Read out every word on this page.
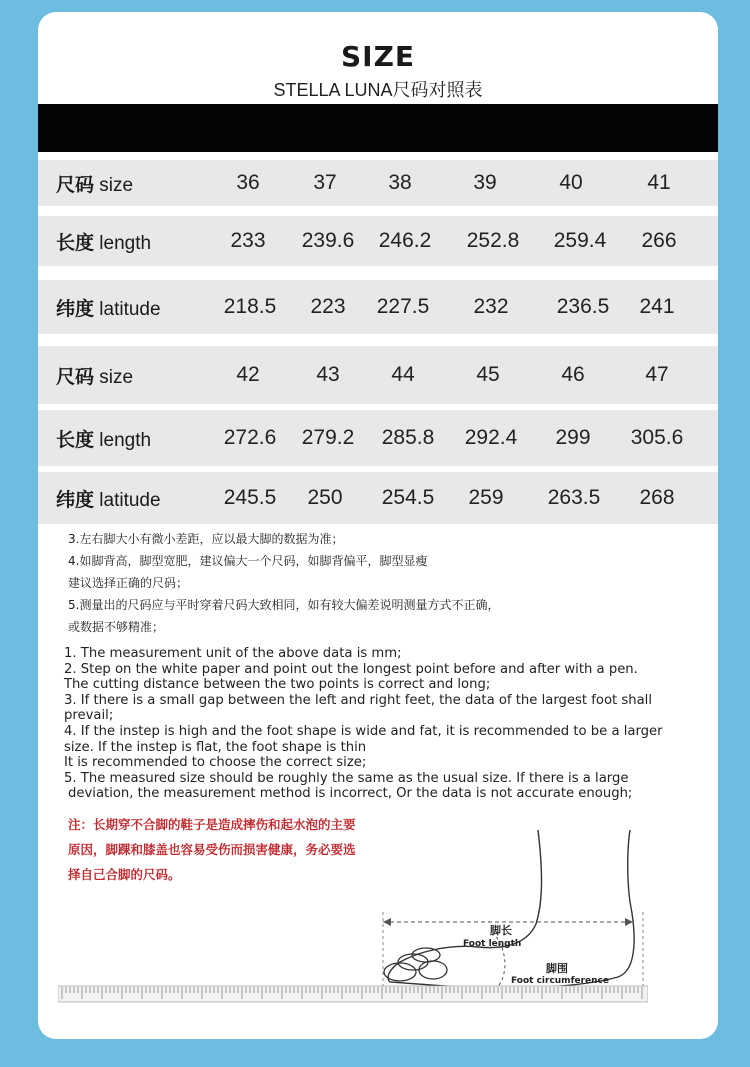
SIZE
STELLA LUNA尺码对照表
尺码 size	36	37	38	39	40	41
长度 length	233	239.6	246.2	252.8	259.4	266
纬度 latitude	218.5	223	227.5	232	236.5	241
尺码 size	42	43	44	45	46	47
长度 length	272.6	279.2	285.8	292.4	299	305.6
纬度 latitude	245.5	250	254.5	259	263.5	268

3.左右脚大小有微小差距，应以最大脚的数据为准；

4.如脚背高，脚型宽肥，建议偏大一个尺码，如脚背偏平，脚型显瘦

建议选择正确的尺码；

5.测量出的尺码应与平时穿着尺码大致相同，如有较大偏差说明测量方式不正确，

或数据不够精准；

1. The measurement unit of the above data is mm;

2. Step on the white paper and point out the longest point before and after with a pen.

The cutting distance between the two points is correct and long;

3. If there is a small gap between the left and right feet, the data of the largest foot shall

prevail;

4. If the instep is high and the foot shape is wide and fat, it is recommended to be a larger

size. If the instep is flat, the foot shape is thin

It is recommended to choose the correct size;

5. The measured size should be roughly the same as the usual size. If there is a large

deviation, the measurement method is incorrect, Or the data is not accurate enough;

注：长期穿不合脚的鞋子是造成摔伤和起水泡的主要

原因，脚踝和膝盖也容易受伤而损害健康，务必要选

择自己合脚的尺码。

脚长
Foot length
脚围
Foot circumference
